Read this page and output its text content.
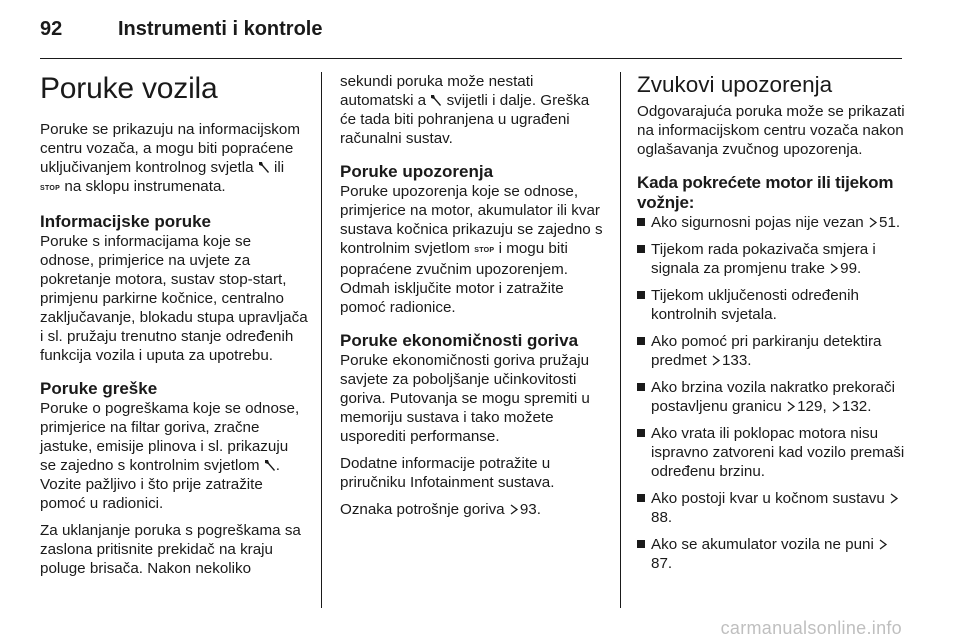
92	Instrumenti i kontrole
Poruke vozila

Poruke se prikazuju na informacijskom centru vozača, a mogu biti popraćene uključivanjem kontrolnog svjetla ili STOP na sklopu instrumenata.

Informacijske poruke

Poruke s informacijama koje se odnose, primjerice na uvjete za pokretanje motora, sustav stop-start, primjenu parkirne kočnice, centralno zaključavanje, blokadu stupa upravljača i sl. pružaju trenutno stanje određenih funkcija vozila i uputa za upotrebu.

Poruke greške

Poruke o pogreškama koje se odnose, primjerice na filtar goriva, zračne jastuke, emisije plinova i sl. prikazuju se zajedno s kontrolnim svjetlom . Vozite pažljivo i što prije zatražite pomoć u radionici.

Za uklanjanje poruka s pogreškama sa zaslona pritisnite prekidač na kraju poluge brisača. Nakon nekoliko

sekundi poruka može nestati automatski a svijetli i dalje. Greška će tada biti pohranjena u ugrađeni računalni sustav.

Poruke upozorenja

Poruke upozorenja koje se odnose, primjerice na motor, akumulator ili kvar sustava kočnica prikazuju se zajedno s kontrolnim svjetlom STOP i mogu biti popraćene zvučnim upozorenjem. Odmah isključite motor i zatražite pomoć radionice.

Poruke ekonomičnosti goriva

Poruke ekonomičnosti goriva pružaju savjete za poboljšanje učinkovitosti goriva. Putovanja se mogu spremiti u memoriju sustava i tako možete usporediti performanse.

Dodatne informacije potražite u priručniku Infotainment sustava.

Oznaka potrošnje goriva 93.

Zvukovi upozorenja

Odgovarajuća poruka može se prikazati na informacijskom centru vozača nakon oglašavanja zvučnog upozorenja.

Kada pokrećete motor ili tijekom vožnje:
Ako sigurnosni pojas nije vezan 51.
Tijekom rada pokazivača smjera i signala za promjenu trake 99.
Tijekom uključenosti određenih kontrolnih svjetala.
Ako pomoć pri parkiranju detektira predmet 133.
Ako brzina vozila nakratko prekorači postavljenu granicu 129, 132.
Ako vrata ili poklopac motora nisu ispravno zatvoreni kad vozilo premaši određenu brzinu.
Ako postoji kvar u kočnom sustavu 88.
Ako se akumulator vozila ne puni 87.
carmanualsonline.info
